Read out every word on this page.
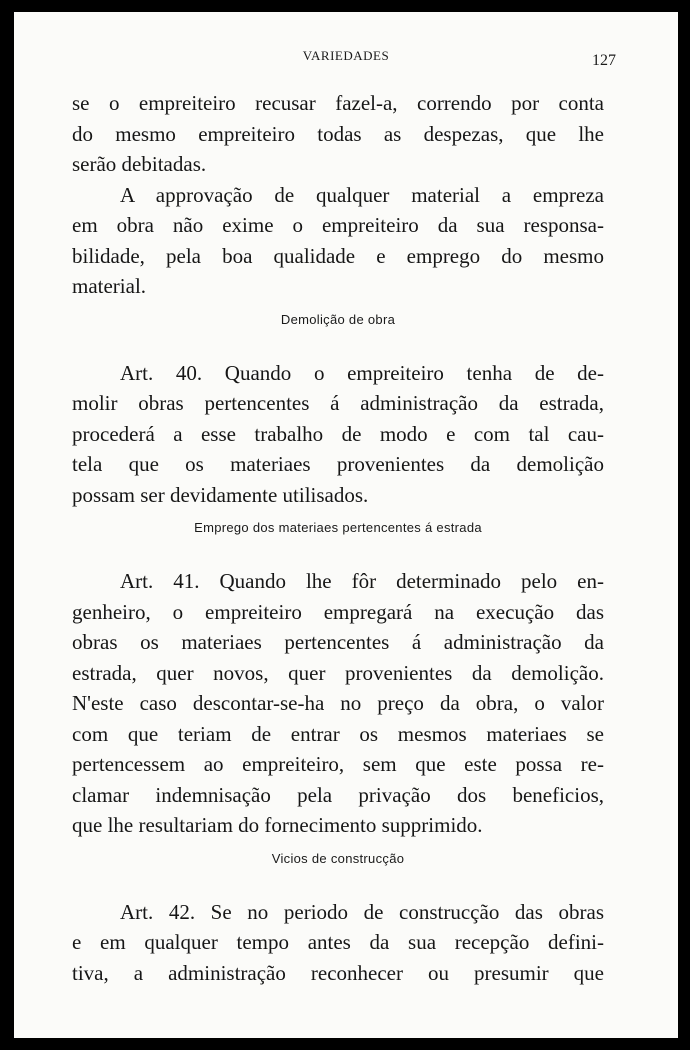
VARIEDADES	127
se o empreiteiro recusar fazel-a, correndo por conta
do mesmo empreiteiro todas as despezas, que lhe
serão debitadas.
A approvação de qualquer material a empreza
em obra não exime o empreiteiro da sua responsa-
bilidade, pela boa qualidade e emprego do mesmo
material.
Demolição de obra
Art. 40. Quando o empreiteiro tenha de de-
molir obras pertencentes á administração da estrada,
procederá a esse trabalho de modo e com tal cau-
tela que os materiaes provenientes da demolição
possam ser devidamente utilisados.
Emprego dos materiaes pertencentes á estrada
Art. 41. Quando lhe fôr determinado pelo en-
genheiro, o empreiteiro empregará na execução das
obras os materiaes pertencentes á administração da
estrada, quer novos, quer provenientes da demolição.
N'este caso descontar-se-ha no preço da obra, o valor
com que teriam de entrar os mesmos materiaes se
pertencessem ao empreiteiro, sem que este possa re-
clamar indemnisação pela privação dos beneficios,
que lhe resultariam do fornecimento supprimido.
Vicios de construcção
Art. 42. Se no periodo de construcção das obras
e em qualquer tempo antes da sua recepção defini-
tiva, a administração reconhecer ou presumir que
